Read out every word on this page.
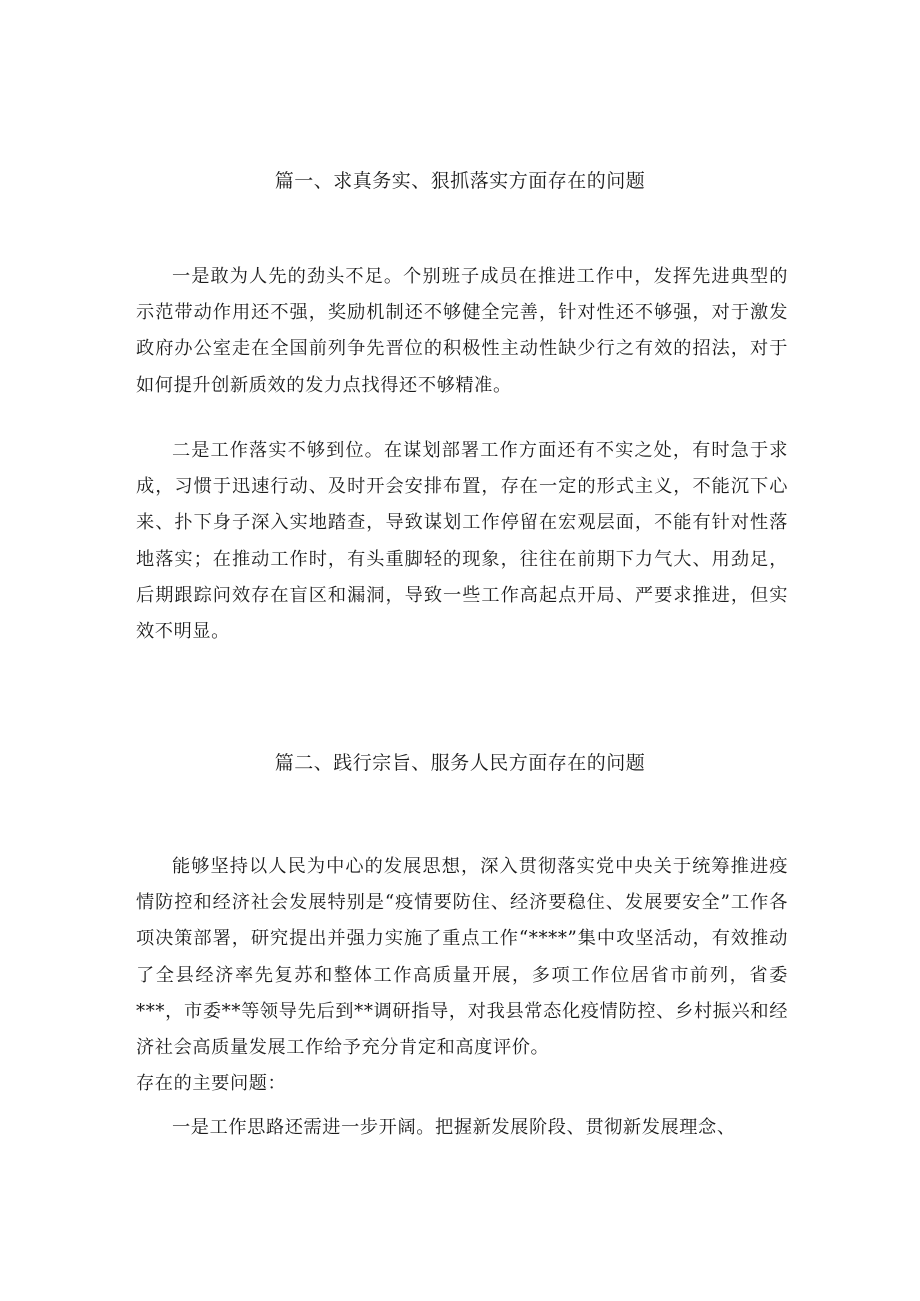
篇一、求真务实、狠抓落实方面存在的问题

一是敢为人先的劲头不足。个别班子成员在推进工作中，发挥先进典型的示范带动作用还不强，奖励机制还不够健全完善，针对性还不够强，对于激发政府办公室走在全国前列争先晋位的积极性主动性缺少行之有效的招法，对于如何提升创新质效的发力点找得还不够精准。

二是工作落实不够到位。在谋划部署工作方面还有不实之处，有时急于求成，习惯于迅速行动、及时开会安排布置，存在一定的形式主义，不能沉下心来、扑下身子深入实地踏查，导致谋划工作停留在宏观层面，不能有针对性落地落实；在推动工作时，有头重脚轻的现象，往往在前期下力气大、用劲足，后期跟踪问效存在盲区和漏洞，导致一些工作高起点开局、严要求推进，但实效不明显。

篇二、践行宗旨、服务人民方面存在的问题

能够坚持以人民为中心的发展思想，深入贯彻落实党中央关于统筹推进疫情防控和经济社会发展特别是“疫情要防住、经济要稳住、发展要安全”工作各项决策部署，研究提出并强力实施了重点工作“****”集中攻坚活动，有效推动了全县经济率先复苏和整体工作高质量开展，多项工作位居省市前列，省委***，市委**等领导先后到**调研指导，对我县常态化疫情防控、乡村振兴和经济社会高质量发展工作给予充分肯定和高度评价。

存在的主要问题：

一是工作思路还需进一步开阔。把握新发展阶段、贯彻新发展理念、
